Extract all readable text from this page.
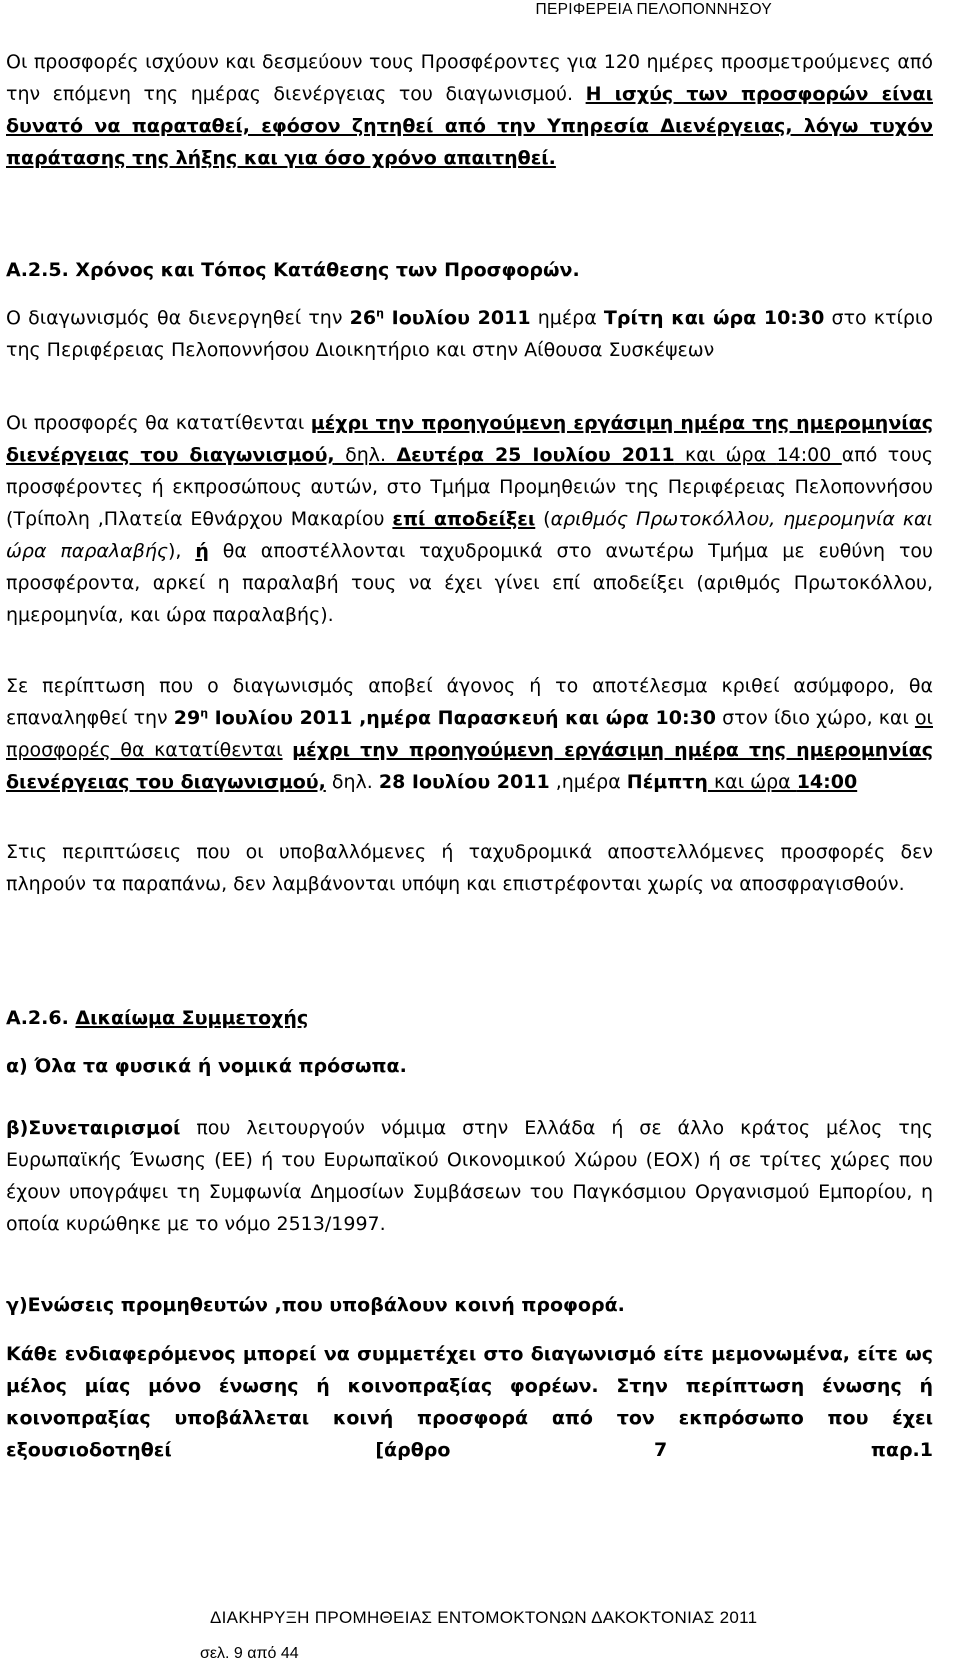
ΠΕΡΙΦΕΡΕΙΑ ΠΕΛΟΠΟΝΝΗΣΟΥ

Οι προσφορές ισχύουν και δεσμεύουν τους Προσφέροντες για 120 ημέρες προσμετρούμενες από την επόμενη της ημέρας διενέργειας του διαγωνισμού. Η ισχύς των προσφορών είναι δυνατό να παραταθεί, εφόσον ζητηθεί από την Υπηρεσία Διενέργειας, λόγω τυχόν παράτασης της λήξης και για όσο χρόνο απαιτηθεί.

Α.2.5. Χρόνος και Τόπος Κατάθεσης των Προσφορών.

Ο διαγωνισμός θα διενεργηθεί την $26^\eta$ Ιουλίου 2011 ημέρα Τρίτη και ώρα 10:30 στο κτίριο της Περιφέρειας Πελοποννήσου Διοικητήριο και στην Αίθουσα Συσκέψεων

Οι προσφορές θα κατατίθενται μέχρι την προηγούμενη εργάσιμη ημέρα της ημερομηνίας διενέργειας του διαγωνισμού, δηλ. Δευτέρα 25 Ιουλίου 2011 και ώρα 14:00 από τους προσφέροντες ή εκπροσώπους αυτών, στο Τμήμα Προμηθειών της Περιφέρειας Πελοποννήσου (Τρίπολη ,Πλατεία Εθνάρχου Μακαρίου επί αποδείξει (αριθμός Πρωτοκόλλου, ημερομηνία και ώρα παραλαβής), ή θα αποστέλλονται ταχυδρομικά στο ανωτέρω Τμήμα με ευθύνη του προσφέροντα, αρκεί η παραλαβή τους να έχει γίνει επί αποδείξει (αριθμός Πρωτοκόλλου, ημερομηνία, και ώρα παραλαβής).

Σε περίπτωση που ο διαγωνισμός αποβεί άγονος ή το αποτέλεσμα κριθεί ασύμφορο, θα επαναληφθεί την $29^\eta$ Ιουλίου 2011 ,ημέρα Παρασκευή και ώρα 10:30 στον ίδιο χώρο, και οι προσφορές θα κατατίθενται μέχρι την προηγούμενη εργάσιμη ημέρα της ημερομηνίας διενέργειας του διαγωνισμού, δηλ. 28 Ιουλίου 2011 ,ημέρα Πέμπτη και ώρα 14:00

Στις περιπτώσεις που οι υποβαλλόμενες ή ταχυδρομικά αποστελλόμενες προσφορές δεν πληρούν τα παραπάνω, δεν λαμβάνονται υπόψη και επιστρέφονται χωρίς να αποσφραγισθούν.

Α.2.6. Δικαίωμα Συμμετοχής

α) Όλα τα φυσικά ή νομικά πρόσωπα.

β)Συνεταιρισμοί που λειτουργούν νόμιμα στην Ελλάδα ή σε άλλο κράτος μέλος της Ευρωπαϊκής Ένωσης (ΕΕ) ή του Ευρωπαϊκού Οικονομικού Χώρου (ΕΟΧ) ή σε τρίτες χώρες που έχουν υπογράψει τη Συμφωνία Δημοσίων Συμβάσεων του Παγκόσμιου Οργανισμού Εμπορίου, η οποία κυρώθηκε με το νόμο 2513/1997.

γ)Ενώσεις προμηθευτών ,που υποβάλουν κοινή προφορά.

Κάθε ενδιαφερόμενος μπορεί να συμμετέχει στο διαγωνισμό είτε μεμονωμένα, είτε ως μέλος μίας μόνο ένωσης ή κοινοπραξίας φορέων. Στην περίπτωση ένωσης ή κοινοπραξίας υποβάλλεται κοινή προσφορά από τον εκπρόσωπο που έχει εξουσιοδοτηθεί [άρθρο 7 παρ.1

ΔΙΑΚΗΡΥΞΗ ΠΡΟΜΗΘΕΙΑΣ ΕΝΤΟΜΟΚΤΟΝΩΝ ΔΑΚΟΚΤΟΝΙΑΣ 2011
σελ. 9 από 44
